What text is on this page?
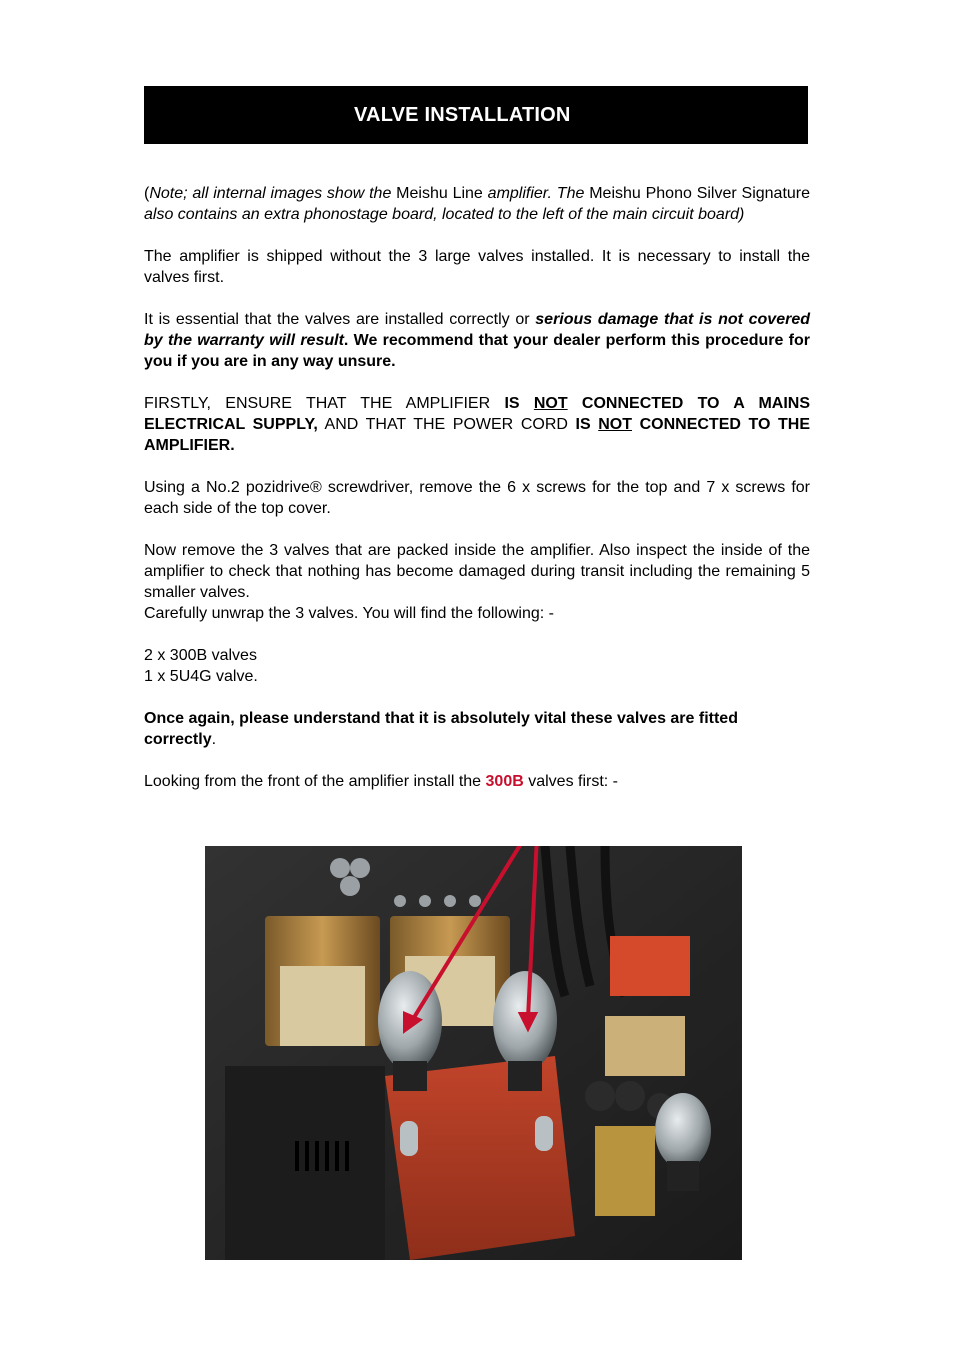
VALVE INSTALLATION

(Note; all internal images show the Meishu Line amplifier. The Meishu Phono Silver Signature also contains an extra phonostage board, located to the left of the main circuit board)

The amplifier is shipped without the 3 large valves installed. It is necessary to install the valves first.

It is essential that the valves are installed correctly or serious damage that is not covered by the warranty will result. We recommend that your dealer perform this procedure for you if you are in any way unsure.

FIRSTLY, ENSURE THAT THE AMPLIFIER IS NOT CONNECTED TO A MAINS ELECTRICAL SUPPLY, AND THAT THE POWER CORD IS NOT CONNECTED TO THE AMPLIFIER.

Using a No.2 pozidrive® screwdriver, remove the 6 x screws for the top and 7 x screws for each side of the top cover.

Now remove the 3 valves that are packed inside the amplifier. Also inspect the inside of the amplifier to check that nothing has become damaged during transit including the remaining 5 smaller valves.

Carefully unwrap the 3 valves. You will find the following: -

2 x 300B valves

1 x 5U4G valve.

Once again, please understand that it is absolutely vital these valves are fitted correctly.

Looking from the front of the amplifier install the 300B valves first: -
